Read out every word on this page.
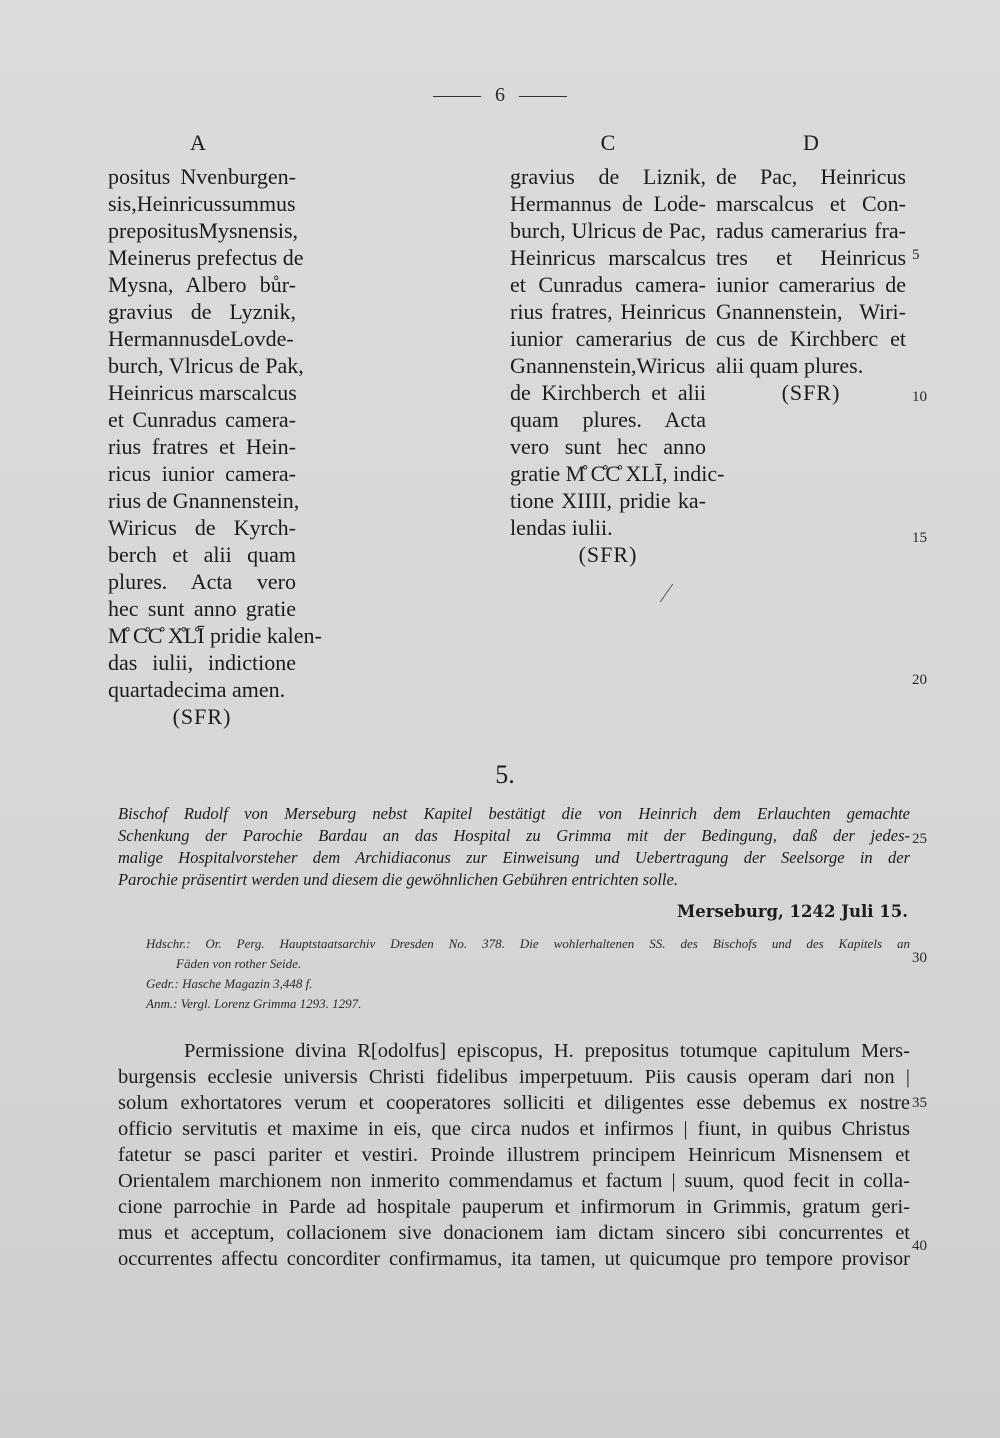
6
A	C	D
positus Nvenburgen-
sis,Heinricussummus
prepositusMysnensis,
Meinerus prefectus de
Mysna, Albero bůr-
gravius de Lyznik,
HermannusdeLovde-
burch, Vlricus de Pak,
Heinricus marscalcus
et Cunradus camera-
rius fratres et Hein-
ricus iunior camera-
rius de Gnannenstein,
Wiricus de Kyrch-
berch et alii quam
plures. Acta vero
hec sunt anno gratie
M̊ C̊C̊ X̊L̊Ī pridie kalen-
das iulii, indictione
quartadecima amen.
(SFR)
gravius de Liznik,
Hermannus de Lo͘de-
burch, Ulricus de Pac,
Heinricus marscalcus
et Cunradus camera-
rius fratres, Heinricus
iunior camerarius de
Gnannenstein,Wiricus
de Kirchberch et alii
quam plures. Acta
vero sunt hec anno
gratie M̊ C̊C̊ XLĪ, indic-
tione XIIII, pridie ka-
lendas iulii.
(SFR)
de Pac, Heinricus
marscalcus et Con-
radus camerarius fra-
tres et Heinricus
iunior camerarius de
Gnannenstein, Wiri-
cus de Kirchberc et
alii quam plures.
(SFR)
5
10
15
20
25
30
35
40
5.
Bischof Rudolf von Merseburg nebst Kapitel bestätigt die von Heinrich dem Erlauchten gemachte
Schenkung der Parochie Bardau an das Hospital zu Grimma mit der Bedingung, daß der jedes-
malige Hospitalvorsteher dem Archidiaconus zur Einweisung und Uebertragung der Seelsorge in der
Parochie präsentirt werden und diesem die gewöhnlichen Gebühren entrichten solle.
Merseburg, 1242 Juli 15.
Hdschr.: Or. Perg. Hauptstaatsarchiv Dresden No. 378. Die wohlerhaltenen SS. des Bischofs und des Kapitels an
Fäden von rother Seide.
Gedr.: Hasche Magazin 3,448 f.
Anm.: Vergl. Lorenz Grimma 1293. 1297.
Permissione divina R[odolfus] episcopus, H. prepositus totumque capitulum Mers-
burgensis ecclesie universis Christi fidelibus imperpetuum. Piis causis operam dari non |
solum exhortatores verum et cooperatores solliciti et diligentes esse debemus ex nostre
officio servitutis et maxime in eis, que circa nudos et infirmos | fiunt, in quibus Christus
fatetur se pasci pariter et vestiri. Proinde illustrem principem Heinricum Misnensem et
Orientalem marchionem non inmerito commendamus et factum | suum, quod fecit in colla-
cione parrochie in Parde ad hospitale pauperum et infirmorum in Grimmis, gratum geri-
mus et acceptum, collacionem sive donacionem iam dictam sincero sibi concurrentes et
occurrentes affectu concorditer confirmamus, ita tamen, ut quicumque pro tempore provisor
